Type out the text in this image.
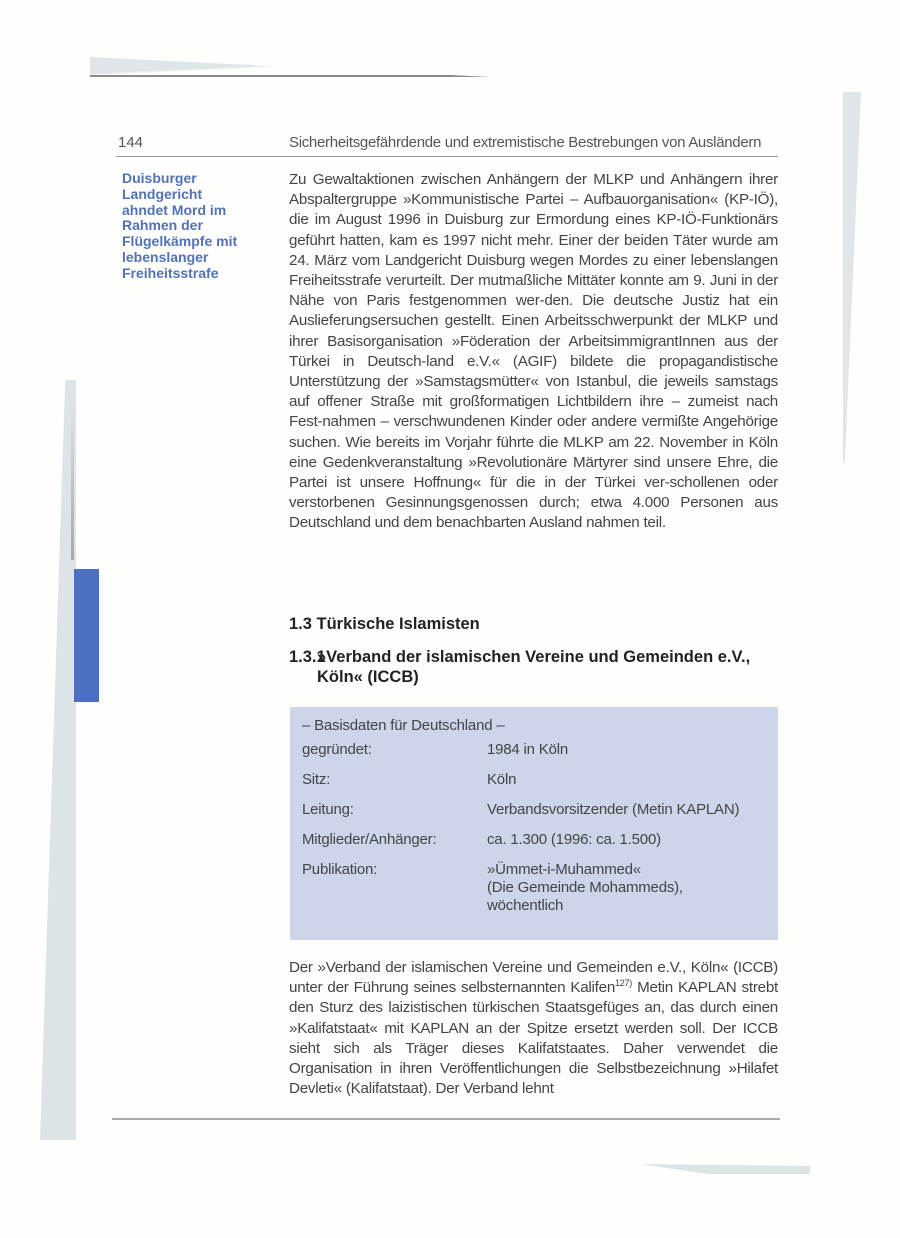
144	Sicherheitsgefährdende und extremistische Bestrebungen von Ausländern
Duisburger
Landgericht
ahndet Mord im
Rahmen der
Flügelkämpfe mit
lebenslanger
Freiheitsstrafe
Zu Gewaltaktionen zwischen Anhängern der MLKP und Anhängern ihrer Abspaltergruppe »Kommunistische Partei – Aufbauorganisation« (KP-IÖ), die im August 1996 in Duisburg zur Ermordung eines KP-IÖ-Funktionärs geführt hatten, kam es 1997 nicht mehr. Einer der beiden Täter wurde am 24. März vom Landgericht Duisburg wegen Mordes zu einer lebenslangen Freiheitsstrafe verurteilt. Der mutmaßliche Mittäter konnte am 9. Juni in der Nähe von Paris festgenommen wer-den. Die deutsche Justiz hat ein Auslieferungsersuchen gestellt. Einen Arbeitsschwerpunkt der MLKP und ihrer Basisorganisation »Föderation der ArbeitsimmigrantInnen aus der Türkei in Deutsch-land e.V.« (AGIF) bildete die propagandistische Unterstützung der »Samstagsmütter« von Istanbul, die jeweils samstags auf offener Straße mit großformatigen Lichtbildern ihre – zumeist nach Fest-nahmen – verschwundenen Kinder oder andere vermißte Angehörige suchen. Wie bereits im Vorjahr führte die MLKP am 22. November in Köln eine Gedenkveranstaltung »Revolutionäre Märtyrer sind unsere Ehre, die Partei ist unsere Hoffnung« für die in der Türkei ver-schollenen oder verstorbenen Gesinnungsgenossen durch; etwa 4.000 Personen aus Deutschland und dem benachbarten Ausland nahmen teil.
1.3 Türkische Islamisten
1.3.1»Verband der islamischen Vereine und Gemeinden e.V.,
Köln« (ICCB)
– Basisdaten für Deutschland –
gegründet:	1984 in Köln
Sitz:	Köln
Leitung:	Verbandsvorsitzender (Metin KAPLAN)
Mitglieder/Anhänger:	ca. 1.300 (1996: ca. 1.500)
Publikation:	»Ümmet-i-Muhammed«
(Die Gemeinde Mohammeds),
wöchentlich
Der »Verband der islamischen Vereine und Gemeinden e.V., Köln« (ICCB) unter der Führung seines selbsternannten Kalifen$^{127)}$ Metin KAPLAN strebt den Sturz des laizistischen türkischen Staatsgefüges an, das durch einen »Kalifatstaat« mit KAPLAN an der Spitze ersetzt werden soll. Der ICCB sieht sich als Träger dieses Kalifatstaates. Daher verwendet die Organisation in ihren Veröffentlichungen die Selbstbezeichnung »Hilafet Devleti« (Kalifatstaat). Der Verband lehnt
